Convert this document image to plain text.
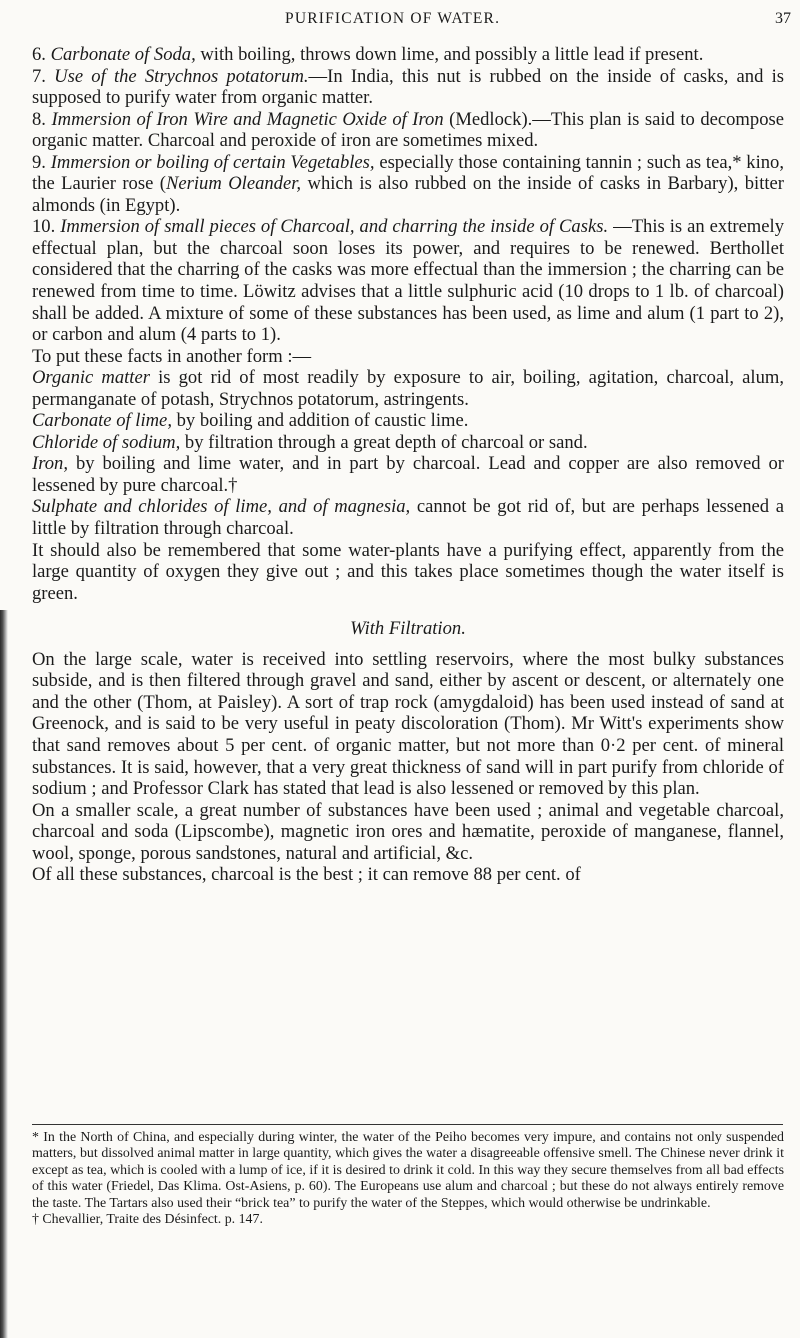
PURIFICATION OF WATER.	37

6. Carbonate of Soda, with boiling, throws down lime, and possibly a little lead if present.

7. Use of the Strychnos potatorum.—In India, this nut is rubbed on the inside of casks, and is supposed to purify water from organic matter.

8. Immersion of Iron Wire and Magnetic Oxide of Iron (Medlock).—This plan is said to decompose organic matter. Charcoal and peroxide of iron are sometimes mixed.

9. Immersion or boiling of certain Vegetables, especially those containing tannin ; such as tea,* kino, the Laurier rose (Nerium Oleander, which is also rubbed on the inside of casks in Barbary), bitter almonds (in Egypt).

10. Immersion of small pieces of Charcoal, and charring the inside of Casks. —This is an extremely effectual plan, but the charcoal soon loses its power, and requires to be renewed. Berthollet considered that the charring of the casks was more effectual than the immersion ; the charring can be renewed from time to time. Löwitz advises that a little sulphuric acid (10 drops to 1 lb. of charcoal) shall be added. A mixture of some of these substances has been used, as lime and alum (1 part to 2), or carbon and alum (4 parts to 1).

To put these facts in another form :—

Organic matter is got rid of most readily by exposure to air, boiling, agitation, charcoal, alum, permanganate of potash, Strychnos potatorum, astringents.

Carbonate of lime, by boiling and addition of caustic lime.

Chloride of sodium, by filtration through a great depth of charcoal or sand.

Iron, by boiling and lime water, and in part by charcoal. Lead and copper are also removed or lessened by pure charcoal.†

Sulphate and chlorides of lime, and of magnesia, cannot be got rid of, but are perhaps lessened a little by filtration through charcoal.

It should also be remembered that some water-plants have a purifying effect, apparently from the large quantity of oxygen they give out ; and this takes place sometimes though the water itself is green.

With Filtration.

On the large scale, water is received into settling reservoirs, where the most bulky substances subside, and is then filtered through gravel and sand, either by ascent or descent, or alternately one and the other (Thom, at Paisley). A sort of trap rock (amygdaloid) has been used instead of sand at Greenock, and is said to be very useful in peaty discoloration (Thom). Mr Witt's experiments show that sand removes about 5 per cent. of organic matter, but not more than 0·2 per cent. of mineral substances. It is said, however, that a very great thickness of sand will in part purify from chloride of sodium ; and Professor Clark has stated that lead is also lessened or removed by this plan.

On a smaller scale, a great number of substances have been used ; animal and vegetable charcoal, charcoal and soda (Lipscombe), magnetic iron ores and hæmatite, peroxide of manganese, flannel, wool, sponge, porous sandstones, natural and artificial, &c.

Of all these substances, charcoal is the best ; it can remove 88 per cent. of

* In the North of China, and especially during winter, the water of the Peiho becomes very impure, and contains not only suspended matters, but dissolved animal matter in large quantity, which gives the water a disagreeable offensive smell. The Chinese never drink it except as tea, which is cooled with a lump of ice, if it is desired to drink it cold. In this way they secure themselves from all bad effects of this water (Friedel, Das Klima. Ost-Asiens, p. 60). The Europeans use alum and charcoal ; but these do not always entirely remove the taste. The Tartars also used their “brick tea” to purify the water of the Steppes, which would otherwise be undrinkable.

† Chevallier, Traite des Désinfect. p. 147.
